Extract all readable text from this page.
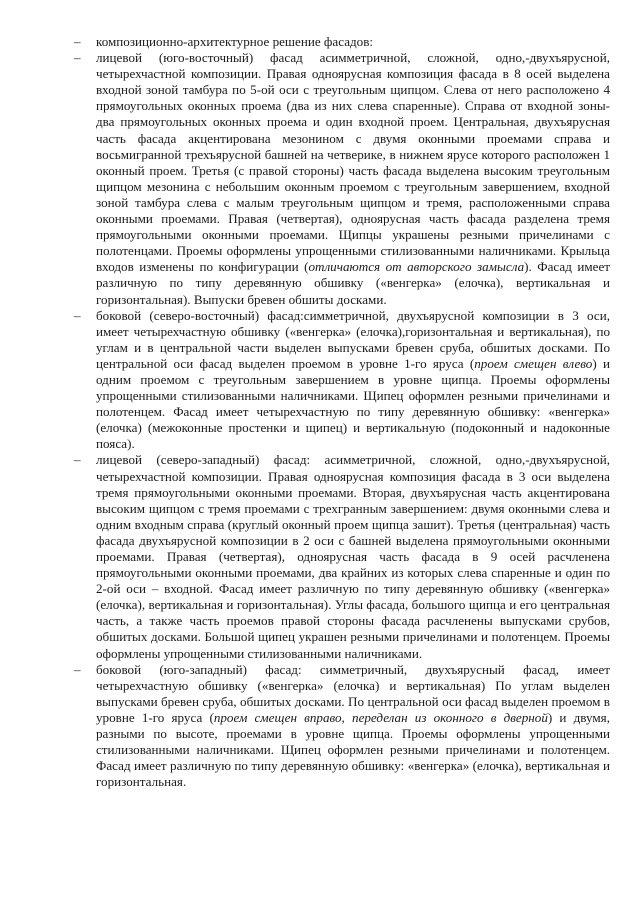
– композиционно-архитектурное решение фасадов:

– лицевой (юго-восточный) фасад асимметричной, сложной, одно,-двухъярусной, четырехчастной композиции. Правая одноярусная композиция фасада в 8 осей выделена входной зоной тамбура по 5-ой оси с треугольным щипцом. Слева от него расположено 4 прямоугольных оконных проема (два из них слева спаренные). Справа от входной зоны- два прямоугольных оконных проема и один входной проем. Центральная, двухъярусная часть фасада акцентирована мезонином с двумя оконными проемами справа и восьмигранной трехъярусной башней на четверике, в нижнем ярусе которого расположен 1 оконный проем. Третья (с правой стороны) часть фасада выделена высоким треугольным щипцом мезонина с небольшим оконным проемом с треугольным завершением, входной зоной тамбура слева с малым треугольным щипцом и тремя, расположенными справа оконными проемами. Правая (четвертая), одноярусная часть фасада разделена тремя прямоугольными оконными проемами. Щипцы украшены резными причелинами с полотенцами. Проемы оформлены упрощенными стилизованными наличниками. Крыльца входов изменены по конфигурации (отличаются от авторского замысла). Фасад имеет различную по типу деревянную обшивку («венгерка» (елочка), вертикальная и горизонтальная). Выпуски бревен обшиты досками.

– боковой (северо-восточный) фасад:симметричной, двухъярусной композиции в 3 оси, имеет четырехчастную обшивку («венгерка» (елочка),горизонтальная и вертикальная), по углам и в центральной части выделен выпусками бревен сруба, обшитых досками. По центральной оси фасад выделен проемом в уровне 1-го яруса (проем смещен влево) и одним проемом с треугольным завершением в уровне щипца. Проемы оформлены упрощенными стилизованными наличниками. Щипец оформлен резными причелинами и полотенцем. Фасад имеет четырехчастную по типу деревянную обшивку: «венгерка» (елочка) (межоконные простенки и щипец) и вертикальную (подоконный и надоконные пояса).

– лицевой (северо-западный) фасад: асимметричной, сложной, одно,-двухъярусной, четырехчастной композиции. Правая одноярусная композиция фасада в 3 оси выделена тремя прямоугольными оконными проемами. Вторая, двухъярусная часть акцентирована высоким щипцом с тремя проемами с трехгранным завершением: двумя оконными слева и одним входным справа (круглый оконный проем щипца зашит). Третья (центральная) часть фасада двухъярусной композиции в 2 оси с башней выделена прямоугольными оконными проемами. Правая (четвертая), одноярусная часть фасада в 9 осей расчленена прямоугольными оконными проемами, два крайних из которых слева спаренные и один по 2-ой оси – входной. Фасад имеет различную по типу деревянную обшивку («венгерка» (елочка), вертикальная и горизонтальная). Углы фасада, большого щипца и его центральная часть, а также часть проемов правой стороны фасада расчленены выпусками срубов, обшитых досками. Большой щипец украшен резными причелинами и полотенцем. Проемы оформлены упрощенными стилизованными наличниками.

– боковой (юго-западный) фасад: симметричный, двухъярусный фасад, имеет четырехчастную обшивку («венгерка» (елочка) и вертикальная) По углам выделен выпусками бревен сруба, обшитых досками. По центральной оси фасад выделен проемом в уровне 1-го яруса (проем смещен вправо, переделан из оконного в дверной) и двумя, разными по высоте, проемами в уровне щипца. Проемы оформлены упрощенными стилизованными наличниками. Щипец оформлен резными причелинами и полотенцем. Фасад имеет различную по типу деревянную обшивку: «венгерка» (елочка), вертикальная и горизонтальная.
